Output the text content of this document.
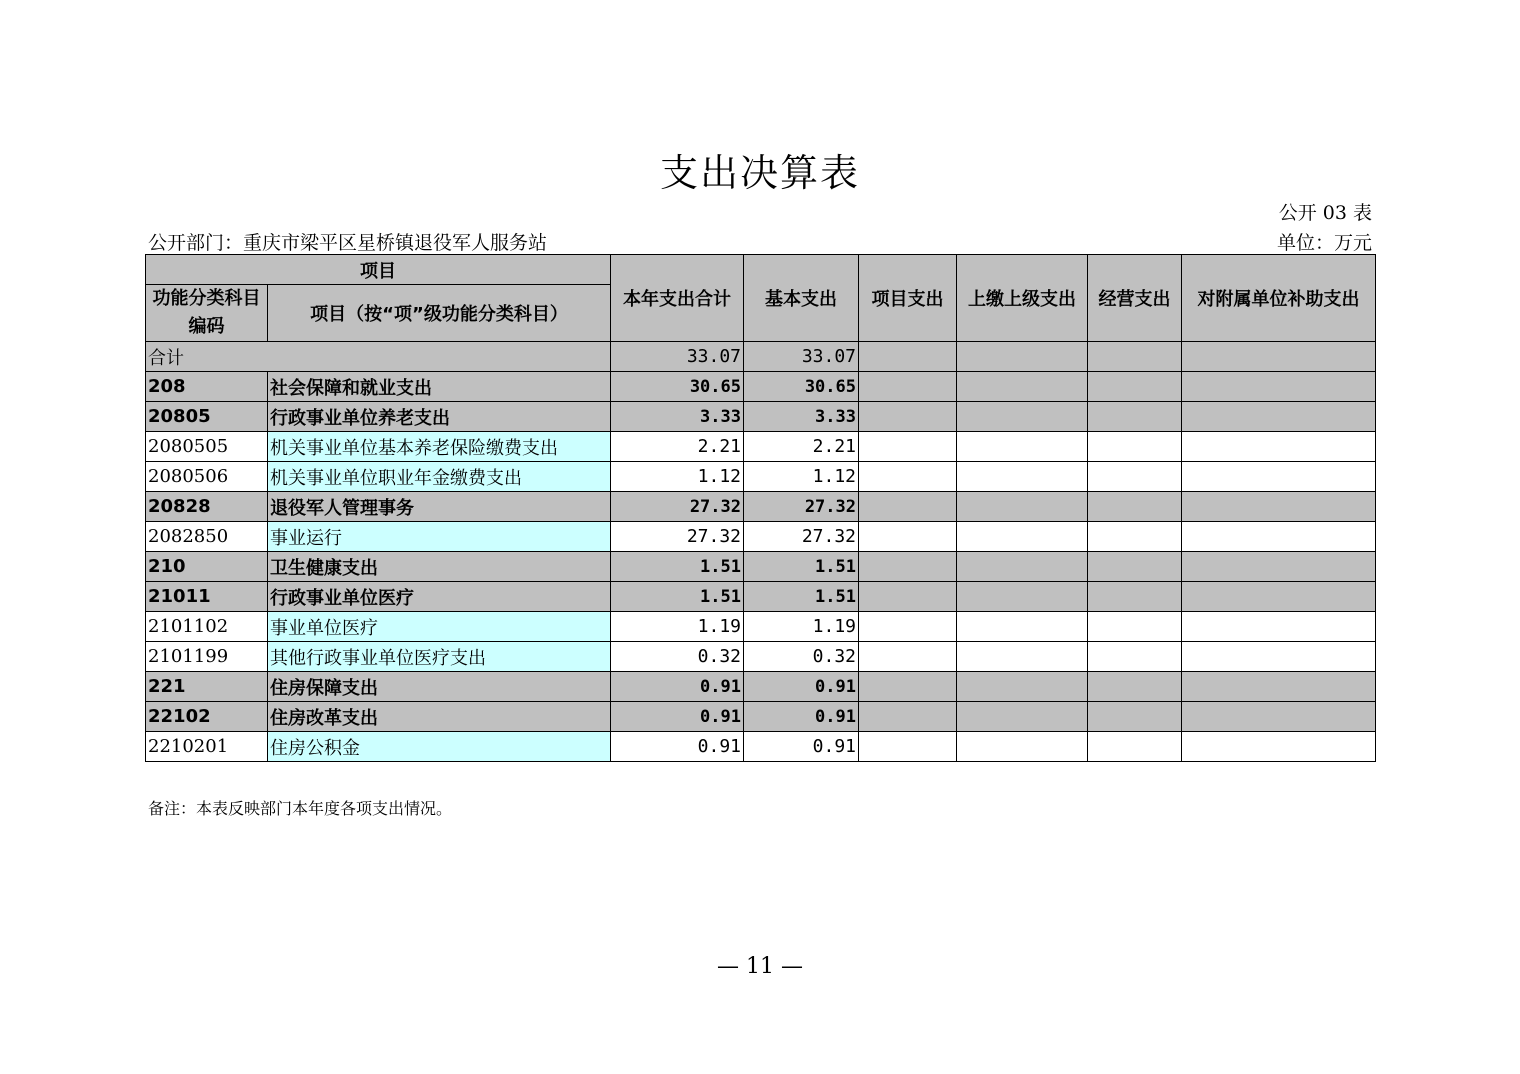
支出决算表
公开 03 表
公开部门：重庆市梁平区星桥镇退役军人服务站	单位：万元
项目		本年支出合计	基本支出	项目支出	上缴上级支出	经营支出	对附属单位补助支出
功能分类科目编码	项目（按“项”级功能分类科目）						
合计		33.07	33.07				
208	社会保障和就业支出	30.65	30.65				
20805	行政事业单位养老支出	3.33	3.33				
2080505	机关事业单位基本养老保险缴费支出	2.21	2.21				
2080506	机关事业单位职业年金缴费支出	1.12	1.12				
20828	退役军人管理事务	27.32	27.32				
2082850	事业运行	27.32	27.32				
210	卫生健康支出	1.51	1.51				
21011	行政事业单位医疗	1.51	1.51				
2101102	事业单位医疗	1.19	1.19				
2101199	其他行政事业单位医疗支出	0.32	0.32				
221	住房保障支出	0.91	0.91				
22102	住房改革支出	0.91	0.91				
2210201	住房公积金	0.91	0.91				
备注：本表反映部门本年度各项支出情况。
— 11 —
